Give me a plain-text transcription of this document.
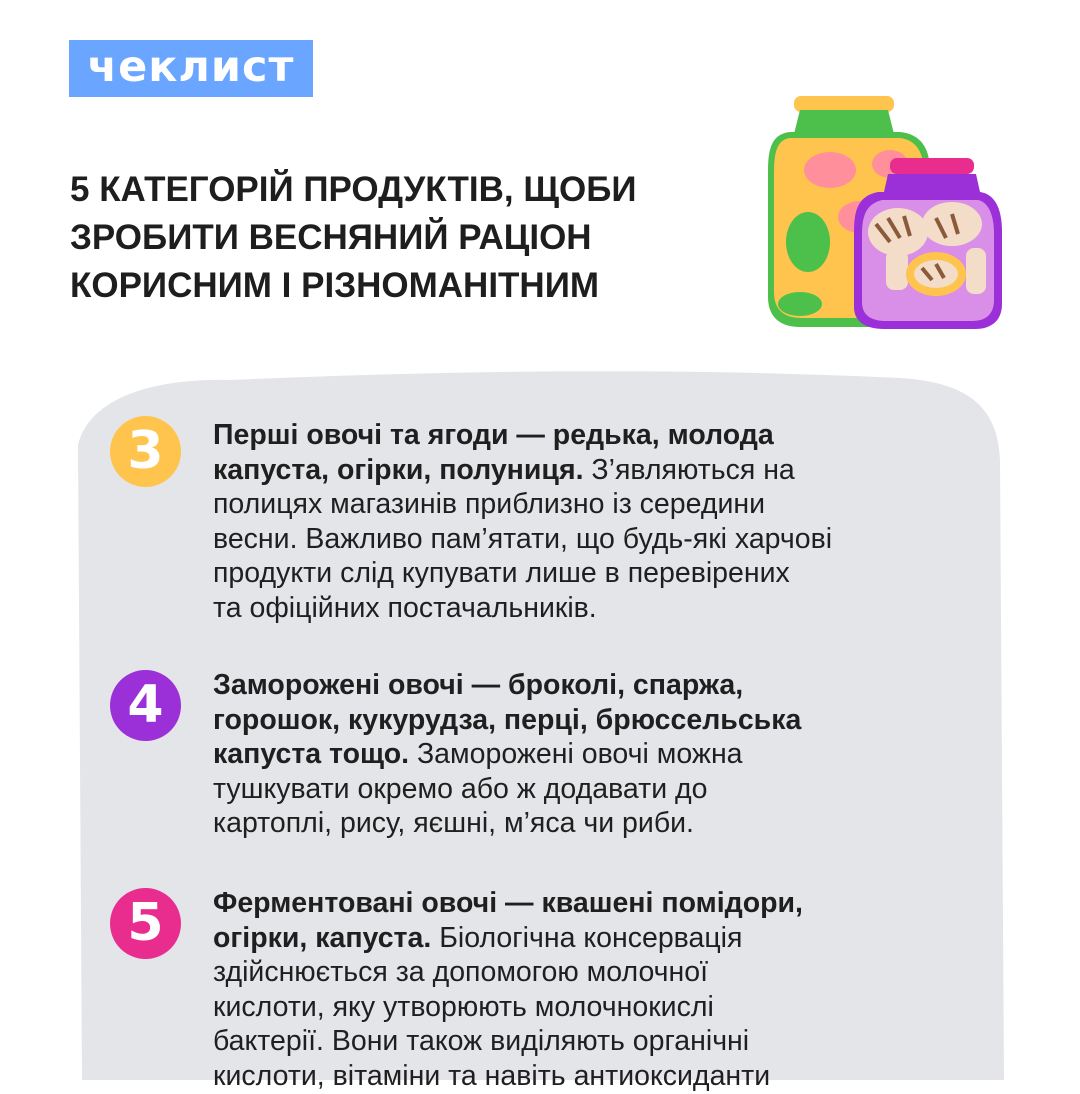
чеклист
5 КАТЕГОРІЙ ПРОДУКТІВ, ЩОБИ
ЗРОБИТИ ВЕСНЯНИЙ РАЦІОН
КОРИСНИМ І РІЗНОМАНІТНИМ
3	Перші овочі та ягоди — редька, молода
капуста, огірки, полуниця. З’являються на
полицях магазинів приблизно із середини
весни. Важливо пам’ятати, що будь-які харчові
продукти слід купувати лише в перевірених
та офіційних постачальників.
4	Заморожені овочі — броколі, спаржа,
горошок, кукурудза, перці, брюссельська
капуста тощо. Заморожені овочі можна
тушкувати окремо або ж додавати до
картоплі, рису, яєшні, м’яса чи риби.
5	Ферментовані овочі — квашені помідори,
огірки, капуста. Біологічна консервація
здійснюється за допомогою молочної
кислоти, яку утворюють молочнокислі
бактерії. Вони також виділяють органічні
кислоти, вітаміни та навіть антиоксиданти
